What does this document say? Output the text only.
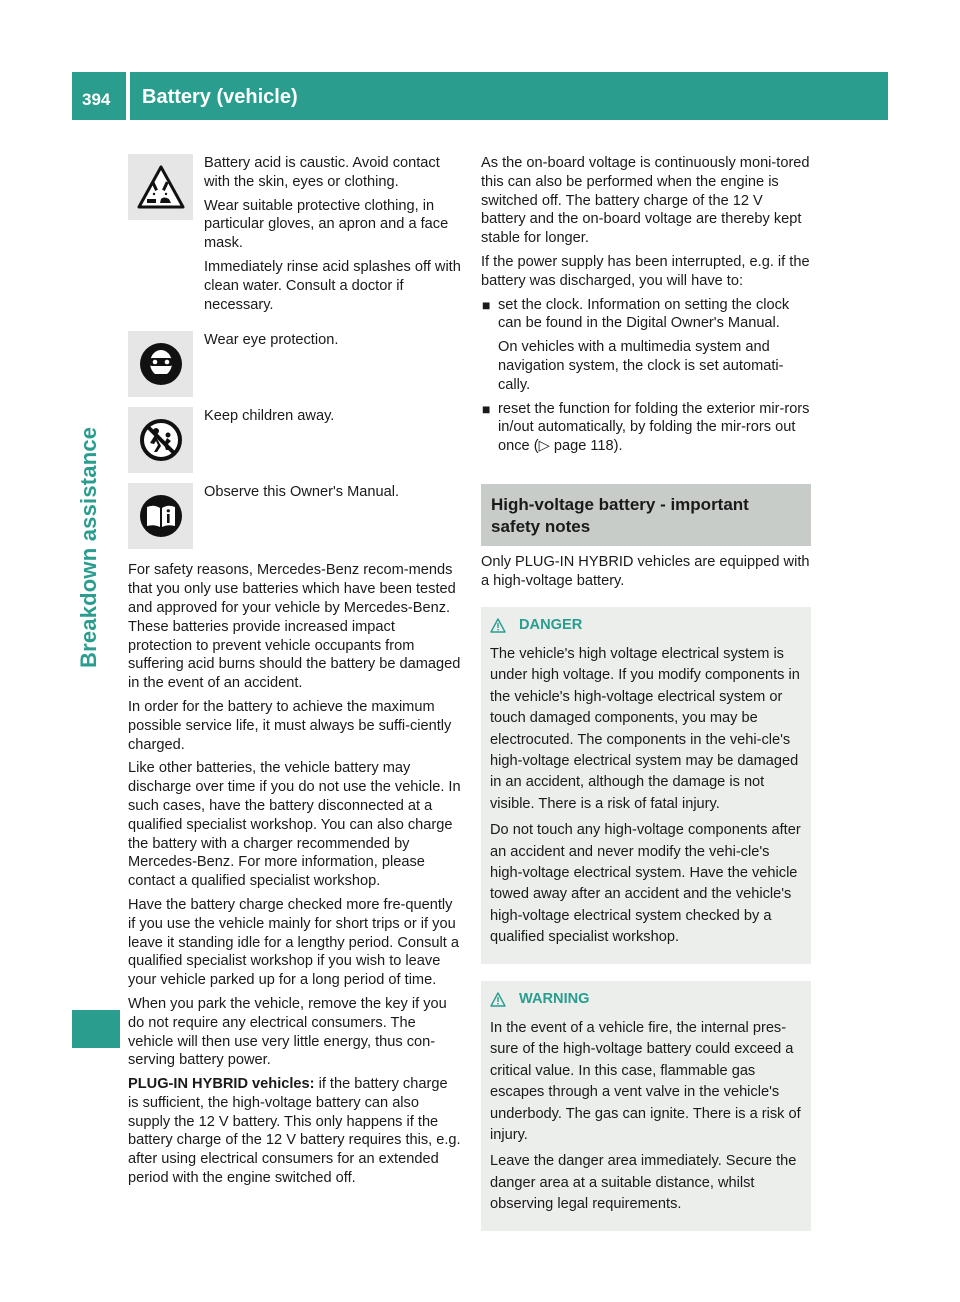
394 Battery (vehicle)
Breakdown assistance

Battery acid is caustic. Avoid contact with the skin, eyes or clothing.

Wear suitable protective clothing, in particular gloves, an apron and a face mask.

Immediately rinse acid splashes off with clean water. Consult a doctor if necessary.

Wear eye protection.

Keep children away.

Observe this Owner's Manual.

For safety reasons, Mercedes-Benz recom-mends that you only use batteries which have been tested and approved for your vehicle by Mercedes-Benz. These batteries provide increased impact protection to prevent vehicle occupants from suffering acid burns should the battery be damaged in the event of an accident.

In order for the battery to achieve the maximum possible service life, it must always be suffi-ciently charged.

Like other batteries, the vehicle battery may discharge over time if you do not use the vehicle. In such cases, have the battery disconnected at a qualified specialist workshop. You can also charge the battery with a charger recommended by Mercedes-Benz. For more information, please contact a qualified specialist workshop.

Have the battery charge checked more fre-quently if you use the vehicle mainly for short trips or if you leave it standing idle for a lengthy period. Consult a qualified specialist workshop if you wish to leave your vehicle parked up for a long period of time.

When you park the vehicle, remove the key if you do not require any electrical consumers. The vehicle will then use very little energy, thus con-serving battery power.

PLUG-IN HYBRID vehicles: if the battery charge is sufficient, the high-voltage battery can also supply the 12 V battery. This only happens if the battery charge of the 12 V battery requires this, e.g. after using electrical consumers for an extended period with the engine switched off.

As the on-board voltage is continuously moni-tored this can also be performed when the engine is switched off. The battery charge of the 12 V battery and the on-board voltage are thereby kept stable for longer.

If the power supply has been interrupted, e.g. if the battery was discharged, you will have to:

■ set the clock. Information on setting the clock can be found in the Digital Owner's Manual.

On vehicles with a multimedia system and navigation system, the clock is set automati-cally.

■ reset the function for folding the exterior mir-rors in/out automatically, by folding the mir-rors out once (▷ page 118).
High-voltage battery - important safety notes

Only PLUG-IN HYBRID vehicles are equipped with a high-voltage battery.

DANGER

The vehicle's high voltage electrical system is under high voltage. If you modify components in the vehicle's high-voltage electrical system or touch damaged components, you may be electrocuted. The components in the vehi-cle's high-voltage electrical system may be damaged in an accident, although the damage is not visible. There is a risk of fatal injury.

Do not touch any high-voltage components after an accident and never modify the vehi-cle's high-voltage electrical system. Have the vehicle towed away after an accident and the vehicle's high-voltage electrical system checked by a qualified specialist workshop.

WARNING

In the event of a vehicle fire, the internal pres-sure of the high-voltage battery could exceed a critical value. In this case, flammable gas escapes through a vent valve in the vehicle's underbody. The gas can ignite. There is a risk of injury.

Leave the danger area immediately. Secure the danger area at a suitable distance, whilst observing legal requirements.
